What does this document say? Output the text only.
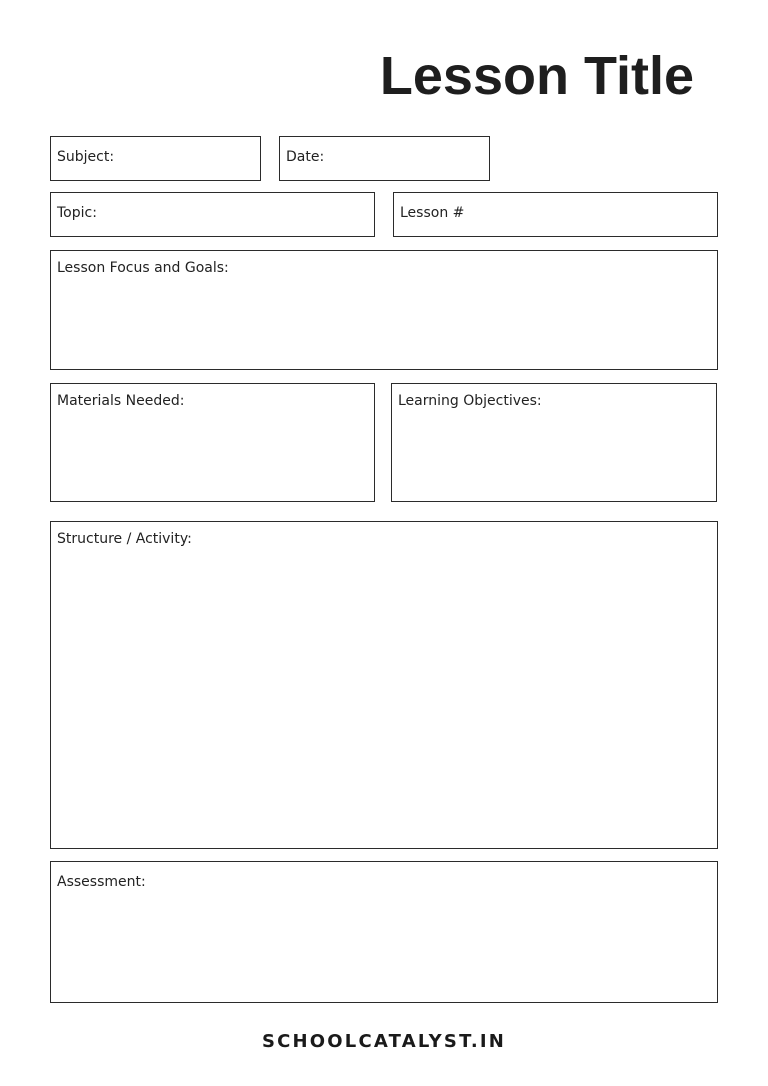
Lesson Title
Subject:	Date:
Topic:	Lesson #
Lesson Focus and Goals:
Materials Needed:	Learning Objectives:
Structure / Activity:
Assessment:
SCHOOLCATALYST.IN
